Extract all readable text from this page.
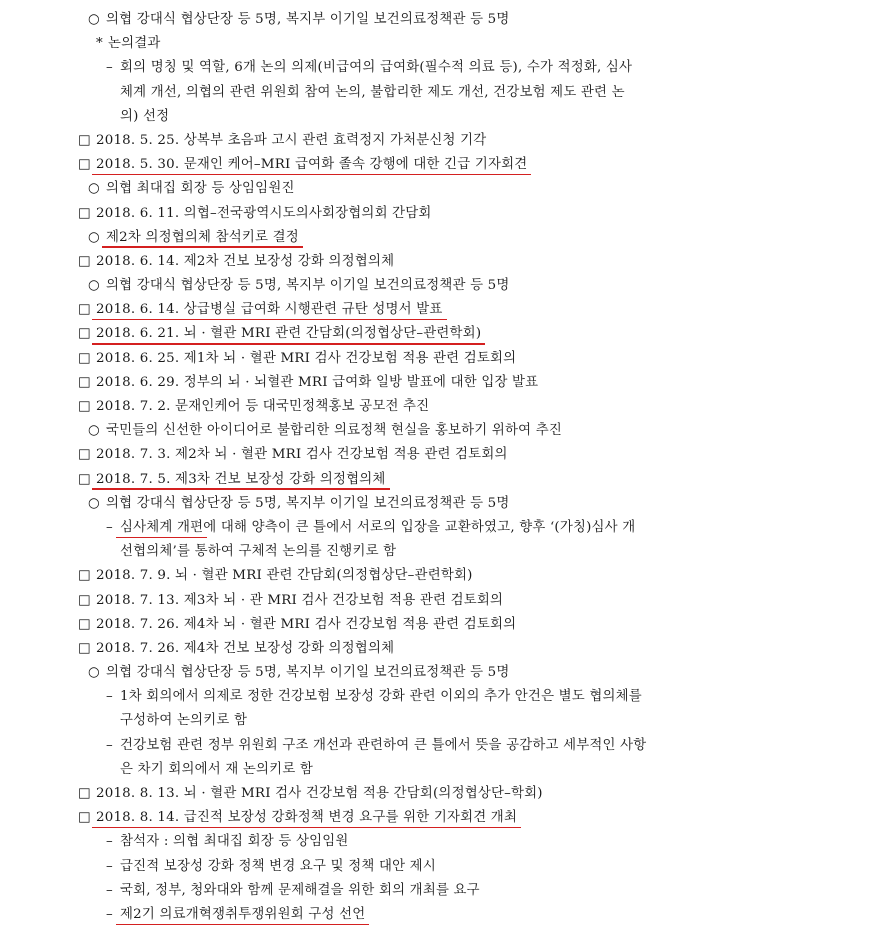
○ 의협 강대식 협상단장 등 5명, 복지부 이기일 보건의료정책관 등 5명
* 논의결과
– 회의 명칭 및 역할, 6개 논의 의제(비급여의 급여화(필수적 의료 등), 수가 적정화, 심사
체계 개선, 의협의 관련 위원회 참여 논의, 불합리한 제도 개선, 건강보험 제도 관련 논
의) 선정
□ 2018. 5. 25. 상복부 초음파 고시 관련 효력정지 가처분신청 기각
□ 2018. 5. 30. 문재인 케어–MRI 급여화 졸속 강행에 대한 긴급 기자회견
○ 의협 최대집 회장 등 상임임원진
□ 2018. 6. 11. 의협–전국광역시도의사회장협의회 간담회
○ 제2차 의정협의체 참석키로 결정
□ 2018. 6. 14. 제2차 건보 보장성 강화 의정협의체
○ 의협 강대식 협상단장 등 5명, 복지부 이기일 보건의료정책관 등 5명
□ 2018. 6. 14. 상급병실 급여화 시행관련 규탄 성명서 발표
□ 2018. 6. 21. 뇌 · 혈관 MRI 관련 간담회(의정협상단–관련학회)
□ 2018. 6. 25. 제1차 뇌 · 혈관 MRI 검사 건강보험 적용 관련 검토회의
□ 2018. 6. 29. 정부의 뇌 · 뇌혈관 MRI 급여화 일방 발표에 대한 입장 발표
□ 2018. 7. 2. 문재인케어 등 대국민정책홍보 공모전 추진
○ 국민들의 신선한 아이디어로 불합리한 의료정책 현실을 홍보하기 위하여 추진
□ 2018. 7. 3. 제2차 뇌 · 혈관 MRI 검사 건강보험 적용 관련 검토회의
□ 2018. 7. 5. 제3차 건보 보장성 강화 의정협의체
○ 의협 강대식 협상단장 등 5명, 복지부 이기일 보건의료정책관 등 5명
– 심사체계 개편에 대해 양측이 큰 틀에서 서로의 입장을 교환하였고, 향후 ‘(가칭)심사 개
선협의체’를 통하여 구체적 논의를 진행키로 함
□ 2018. 7. 9. 뇌 · 혈관 MRI 관련 간담회(의정협상단–관련학회)
□ 2018. 7. 13. 제3차 뇌 · 관 MRI 검사 건강보험 적용 관련 검토회의
□ 2018. 7. 26. 제4차 뇌 · 혈관 MRI 검사 건강보험 적용 관련 검토회의
□ 2018. 7. 26. 제4차 건보 보장성 강화 의정협의체
○ 의협 강대식 협상단장 등 5명, 복지부 이기일 보건의료정책관 등 5명
– 1차 회의에서 의제로 정한 건강보험 보장성 강화 관련 이외의 추가 안건은 별도 협의체를
구성하여 논의키로 함
– 건강보험 관련 정부 위원회 구조 개선과 관련하여 큰 틀에서 뜻을 공감하고 세부적인 사항
은 차기 회의에서 재 논의키로 함
□ 2018. 8. 13. 뇌 · 혈관 MRI 검사 건강보험 적용 간담회(의정협상단–학회)
□ 2018. 8. 14. 급진적 보장성 강화정책 변경 요구를 위한 기자회견 개최
– 참석자 : 의협 최대집 회장 등 상임임원
– 급진적 보장성 강화 정책 변경 요구 및 정책 대안 제시
– 국회, 정부, 청와대와 함께 문제해결을 위한 회의 개최를 요구
– 제2기 의료개혁쟁취투쟁위원회 구성 선언
